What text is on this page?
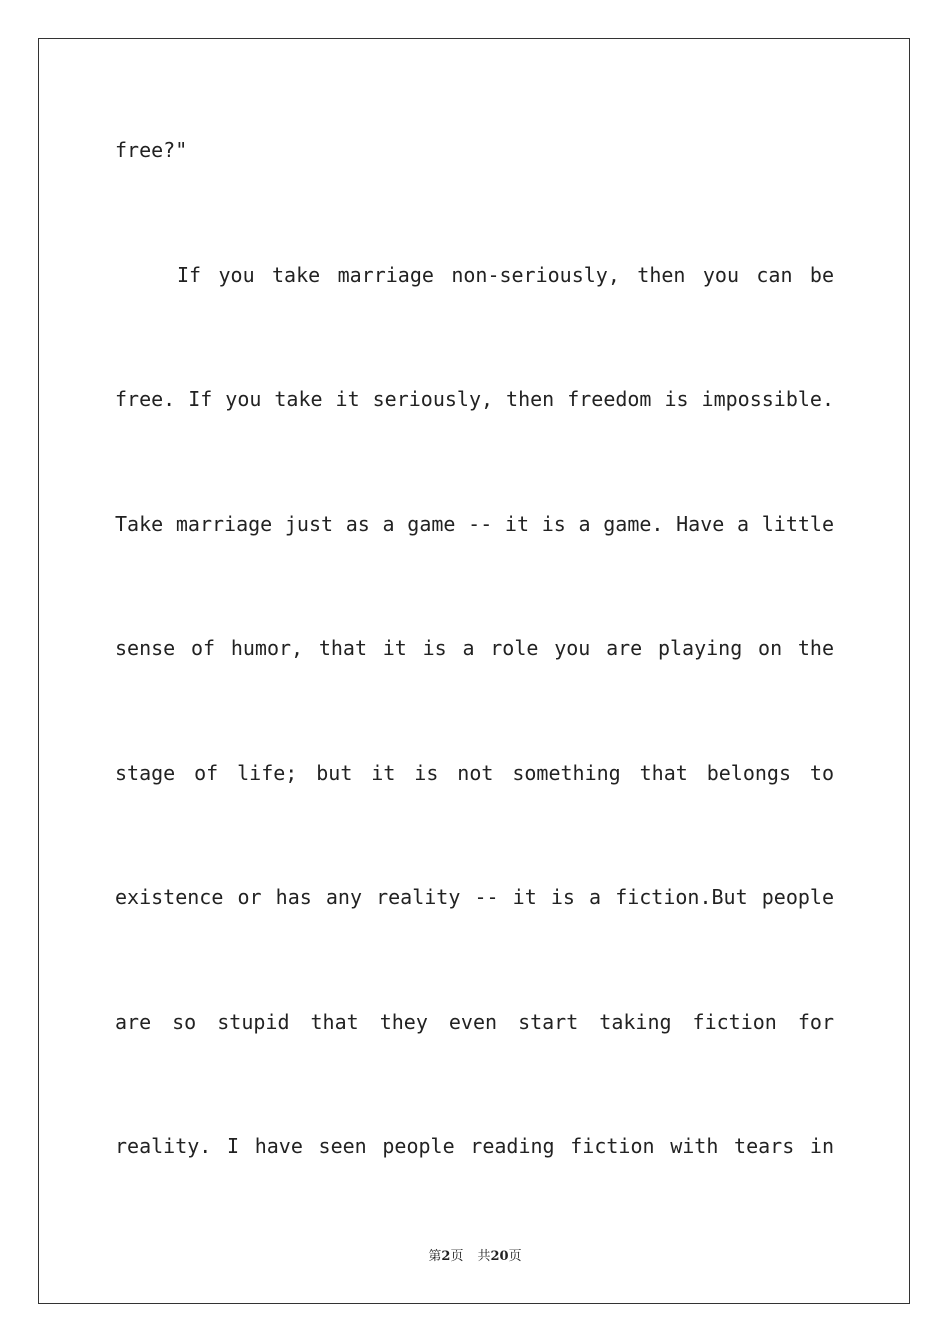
free?"
If you take marriage non-seriously, then you can be
free. If you take it seriously, then freedom is impossible.
Take marriage just as a game -- it is a game. Have a little
sense of humor, that it is a role you are playing on the
stage of life; but it is not something that belongs to
existence or has any reality -- it is a fiction.But people
are so stupid that they even start taking fiction for
reality. I have seen people reading fiction with tears in
第2页 共20页
